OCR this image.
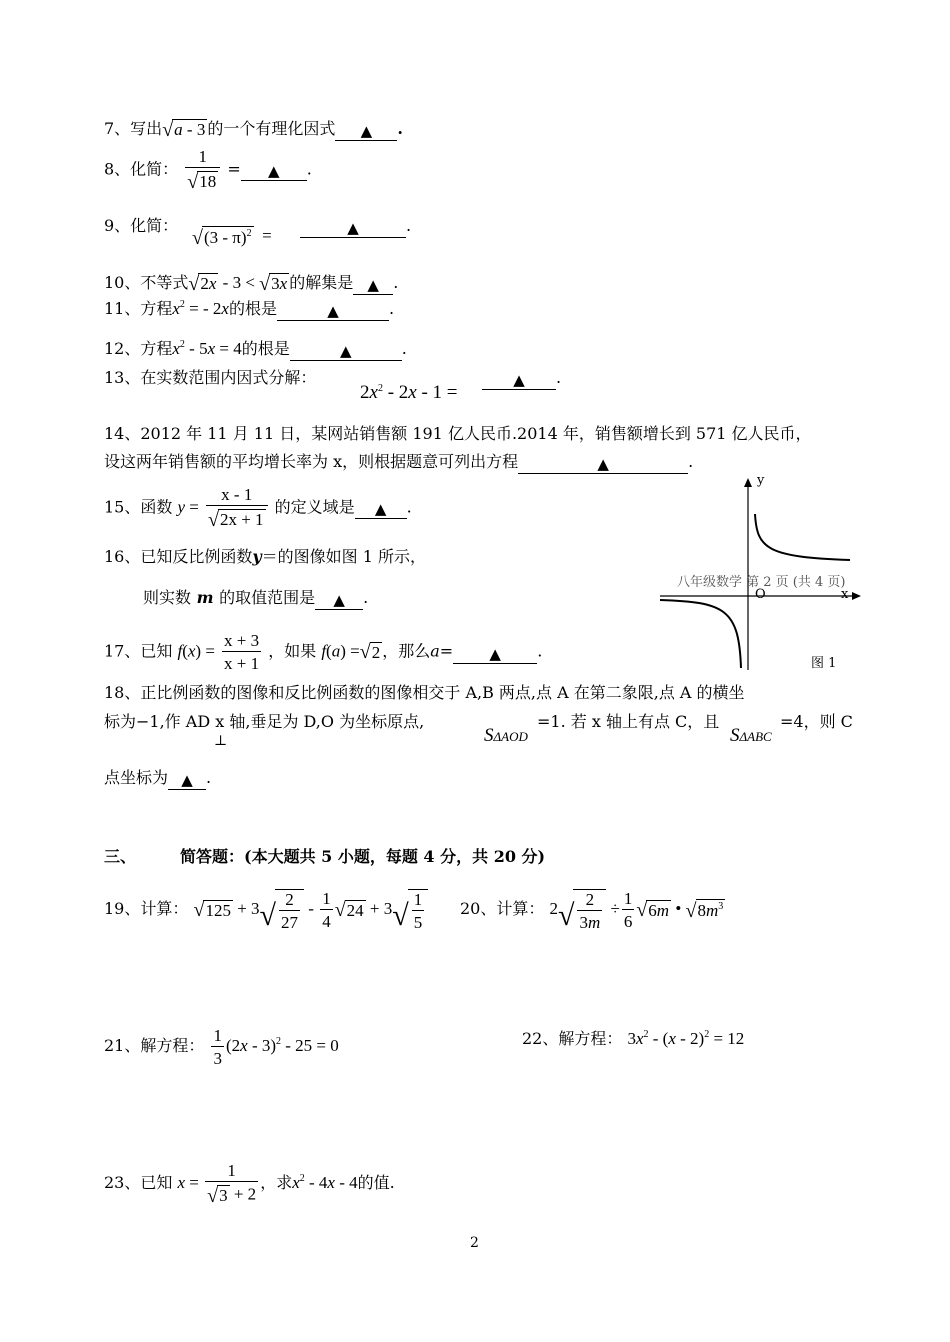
7、写出 √ a - 3 的一个有理化因式 ▲ .
8、化简： $\frac{1}{√ 18}$ = ▲ .
9、化简：
√ (3 - π)$^2$ =	▲	.
10、不等式 √ 2x - 3 < √ 3x 的解集是 ▲ .
11、方程$x^2$ = - 2x的根是	▲	.
12、方程$x^2 - 5x = 4$的根是	▲	.
13、在实数范围内因式分解：
$2x^2 - 2x - 1$ =
▲ .
14、2012 年 11 月 11 日，某网站销售额 191 亿人民币.2014 年，销售额增长到 571 亿人民币，
设这两年销售额的平均增长率为 x，则根据题意可列出方程	▲	.
15、函数 $y = \frac{x - 1}{√ 2x + 1}$ 的定义域是 ▲ .
16、已知反比例函数y＝的图像如图 1 所示，
则实数 m 的取值范围是 ▲ .
y
x
O
八年级数学 第 2 页 (共 4 页)
图 1
17、已知 $f(x) = \frac{x + 3}{x + 1}$ ，如果 f(a) = √ 2 ，那么a= ▲ .
18、正比例函数的图像和反比例函数的图像相交于 A,B 两点,点 A 在第二象限,点 A 的横坐
标为−1,作 AD
⊥
x 轴,垂足为 D,O 为坐标原点,
SΔAOD
=1. 若 x 轴上有点 C，且
SΔABC
=4，则 C
点坐标为 ▲ .
三、	简答题：(本大题共 5 小题，每题 4 分，共 20 分)
19、计算： √ 125 + 3 √ $\frac{2}{27} - \frac{1}{4}$ √ 24 + 3 √ $\frac{1}{5} 20$、计算： 2 √ $\frac{2}{3m} \div \frac{1}{6}$ √ 6m • √ $8m^3$
21、解方程： $\frac{1}{3} (2x - 3)^2 - 25 = 0$	22、解方程： $3x^2 - (x - 2)^2 = 12$
23、已知 $x = \frac{1}{√ 3 + 2}$ ，求$x^2 - 4x - 4$的值.
2
